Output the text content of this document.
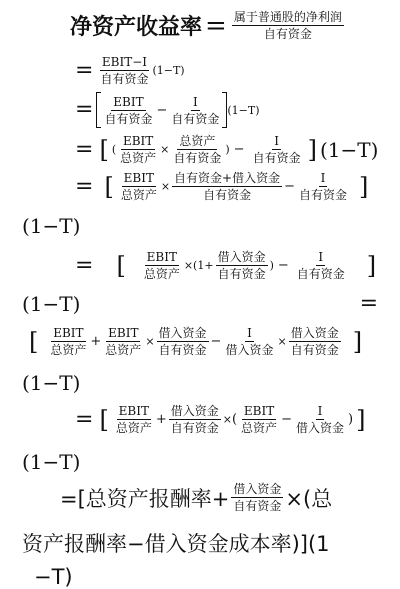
净资产收益率 = $\frac{\text{属于普通股的净利润}}{\text{自有资金}}$
= $\frac{\text{EBIT−I}}{\text{自有资金}} (1-T)$
= $\frac{\text{EBIT}}{\text{自有资金}} - \frac{I}{\text{自有资金}} (1-T)$
= [ ( $\frac{\text{EBIT}}{\text{总资产}} \times \frac{\text{总资产}}{\text{自有资金}}$ ) − $\frac{I}{\text{自有资金}}$ ] (1−T)
= [ $\frac{\text{EBIT}}{\text{总资产}} \times \frac{\text{自有资金+借入资金}}{\text{自有资金}} - \frac{I}{\text{自有资金}}$ ]
(1−T)
= [	$\frac{\text{EBIT}}{\text{总资产}} \times (1+ \frac{\text{借入资金}}{\text{自有资金}}$ ) − $\frac{I}{\text{自有资金}}$ ]
(1−T)	=
[ $\frac{\text{EBIT}}{\text{总资产}} + \frac{\text{EBIT}}{\text{总资产}} \times \frac{\text{借入资金}}{\text{自有资金}} - \frac{I}{\text{借入资金}} \times \frac{\text{借入资金}}{\text{自有资金}}$ ]
(1−T)
= [ $\frac{\text{EBIT}}{\text{总资产}} + \frac{\text{借入资金}}{\text{自有资金}}$ × ( $\frac{\text{EBIT}}{\text{总资产}} - \frac{I}{\text{借入资金}}$ ) ]
(1−T)
=[总资产报酬率+ $\frac{\text{借入资金}}{\text{自有资金}}$ ×(总
资产报酬率−借入资金成本率)](1
−T)
